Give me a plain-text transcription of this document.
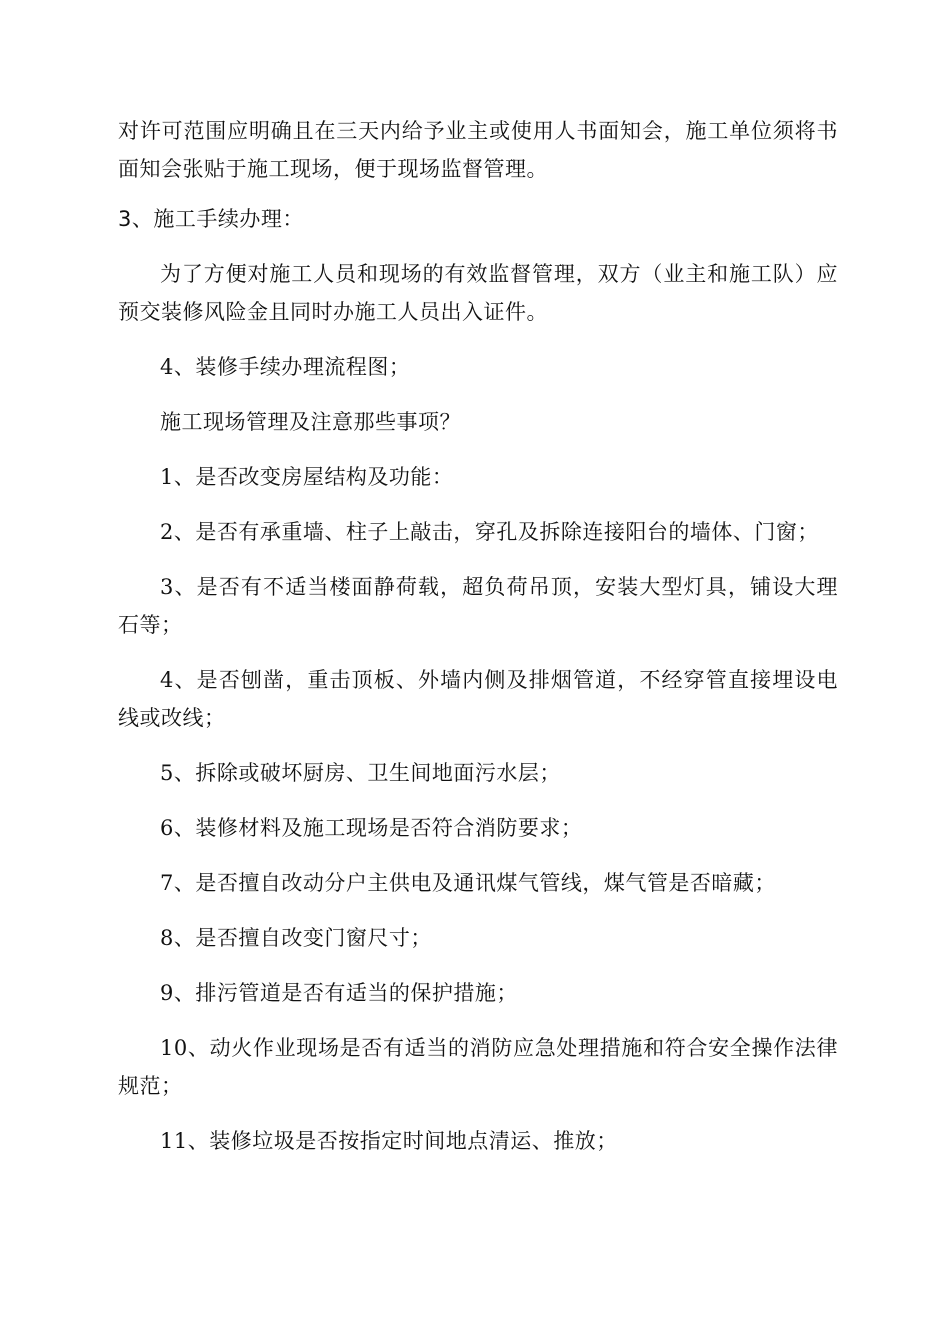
对许可范围应明确且在三天内给予业主或使用人书面知会，施工单位须将书面知会张贴于施工现场，便于现场监督管理。

3、施工手续办理：

为了方便对施工人员和现场的有效监督管理，双方（业主和施工队）应预交装修风险金且同时办施工人员出入证件。

4、装修手续办理流程图；

施工现场管理及注意那些事项？

1、是否改变房屋结构及功能：

2、是否有承重墙、柱子上敲击，穿孔及拆除连接阳台的墙体、门窗；

3、是否有不适当楼面静荷载，超负荷吊顶，安装大型灯具，铺设大理石等；

4、是否刨凿，重击顶板、外墙内侧及排烟管道，不经穿管直接埋设电线或改线；

5、拆除或破坏厨房、卫生间地面污水层；

6、装修材料及施工现场是否符合消防要求；

7、是否擅自改动分户主供电及通讯煤气管线，煤气管是否暗藏；

8、是否擅自改变门窗尺寸；

9、排污管道是否有适当的保护措施；

10、动火作业现场是否有适当的消防应急处理措施和符合安全操作法律规范；

11、装修垃圾是否按指定时间地点清运、推放；
